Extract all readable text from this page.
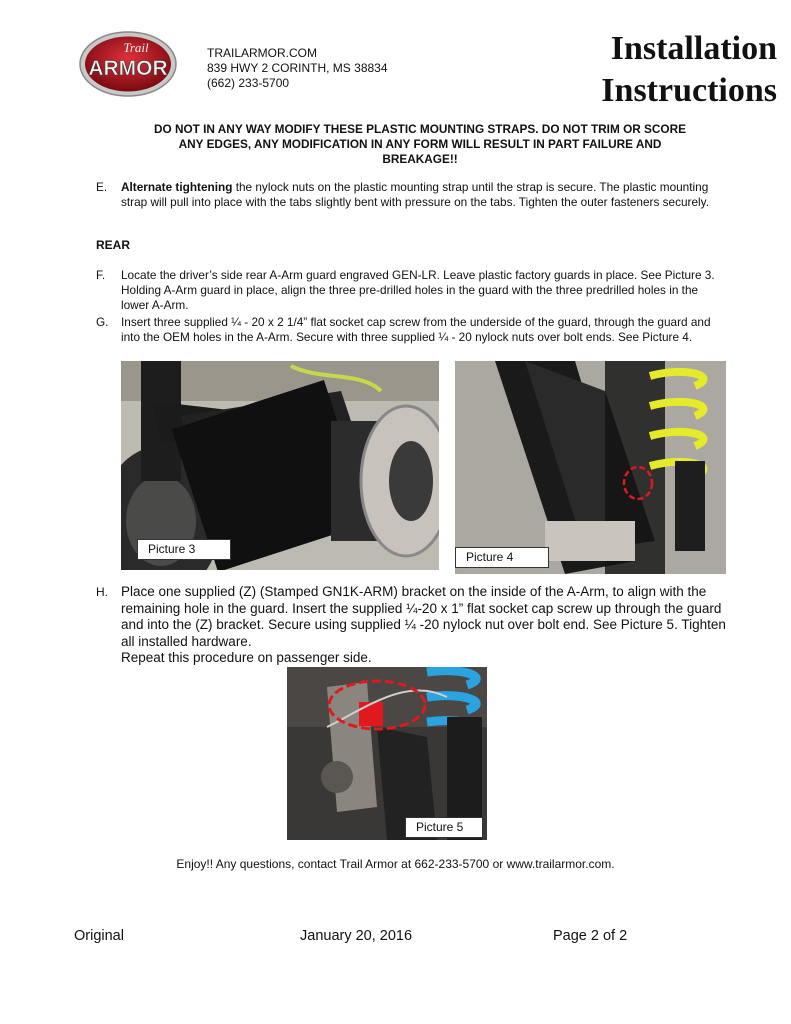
Trail
ARMOR
TRAILARMOR.COM
839 HWY 2 CORINTH, MS 38834
(662) 233-5700
Installation
Instructions
DO NOT IN ANY WAY MODIFY THESE PLASTIC MOUNTING STRAPS. DO NOT TRIM OR SCORE
ANY EDGES, ANY MODIFICATION IN ANY FORM WILL RESULT IN PART FAILURE AND
BREAKAGE!!
E.	Alternate tightening the nylock nuts on the plastic mounting strap until the strap is secure. The plastic mounting strap will pull into place with the tabs slightly bent with pressure on the tabs. Tighten the outer fasteners securely.
REAR
F.	Locate the driver’s side rear A-Arm guard engraved GEN-LR. Leave plastic factory guards in place. See Picture 3. Holding A-Arm guard in place, align the three pre-drilled holes in the guard with the three predrilled holes in the lower A-Arm.
G.	Insert three supplied ¼ - 20 x 2 1/4” flat socket cap screw from the underside of the guard, through the guard and into the OEM holes in the A-Arm. Secure with three supplied ¼ - 20 nylock nuts over bolt ends. See Picture 4.
Picture 3
Picture 4
H. Place one supplied (Z) (Stamped GN1K-ARM) bracket on the inside of the A-Arm, to align with the remaining hole in the guard. Insert the supplied ¼-20 x 1” flat socket cap screw up through the guard and into the (Z) bracket. Secure using supplied ¼ -20 nylock nut over bolt end. See Picture 5. Tighten all installed hardware.
Repeat this procedure on passenger side.
Picture 5
Enjoy!! Any questions, contact Trail Armor at 662-233-5700 or www.trailarmor.com.
Original	January 20, 2016	Page 2 of 2
